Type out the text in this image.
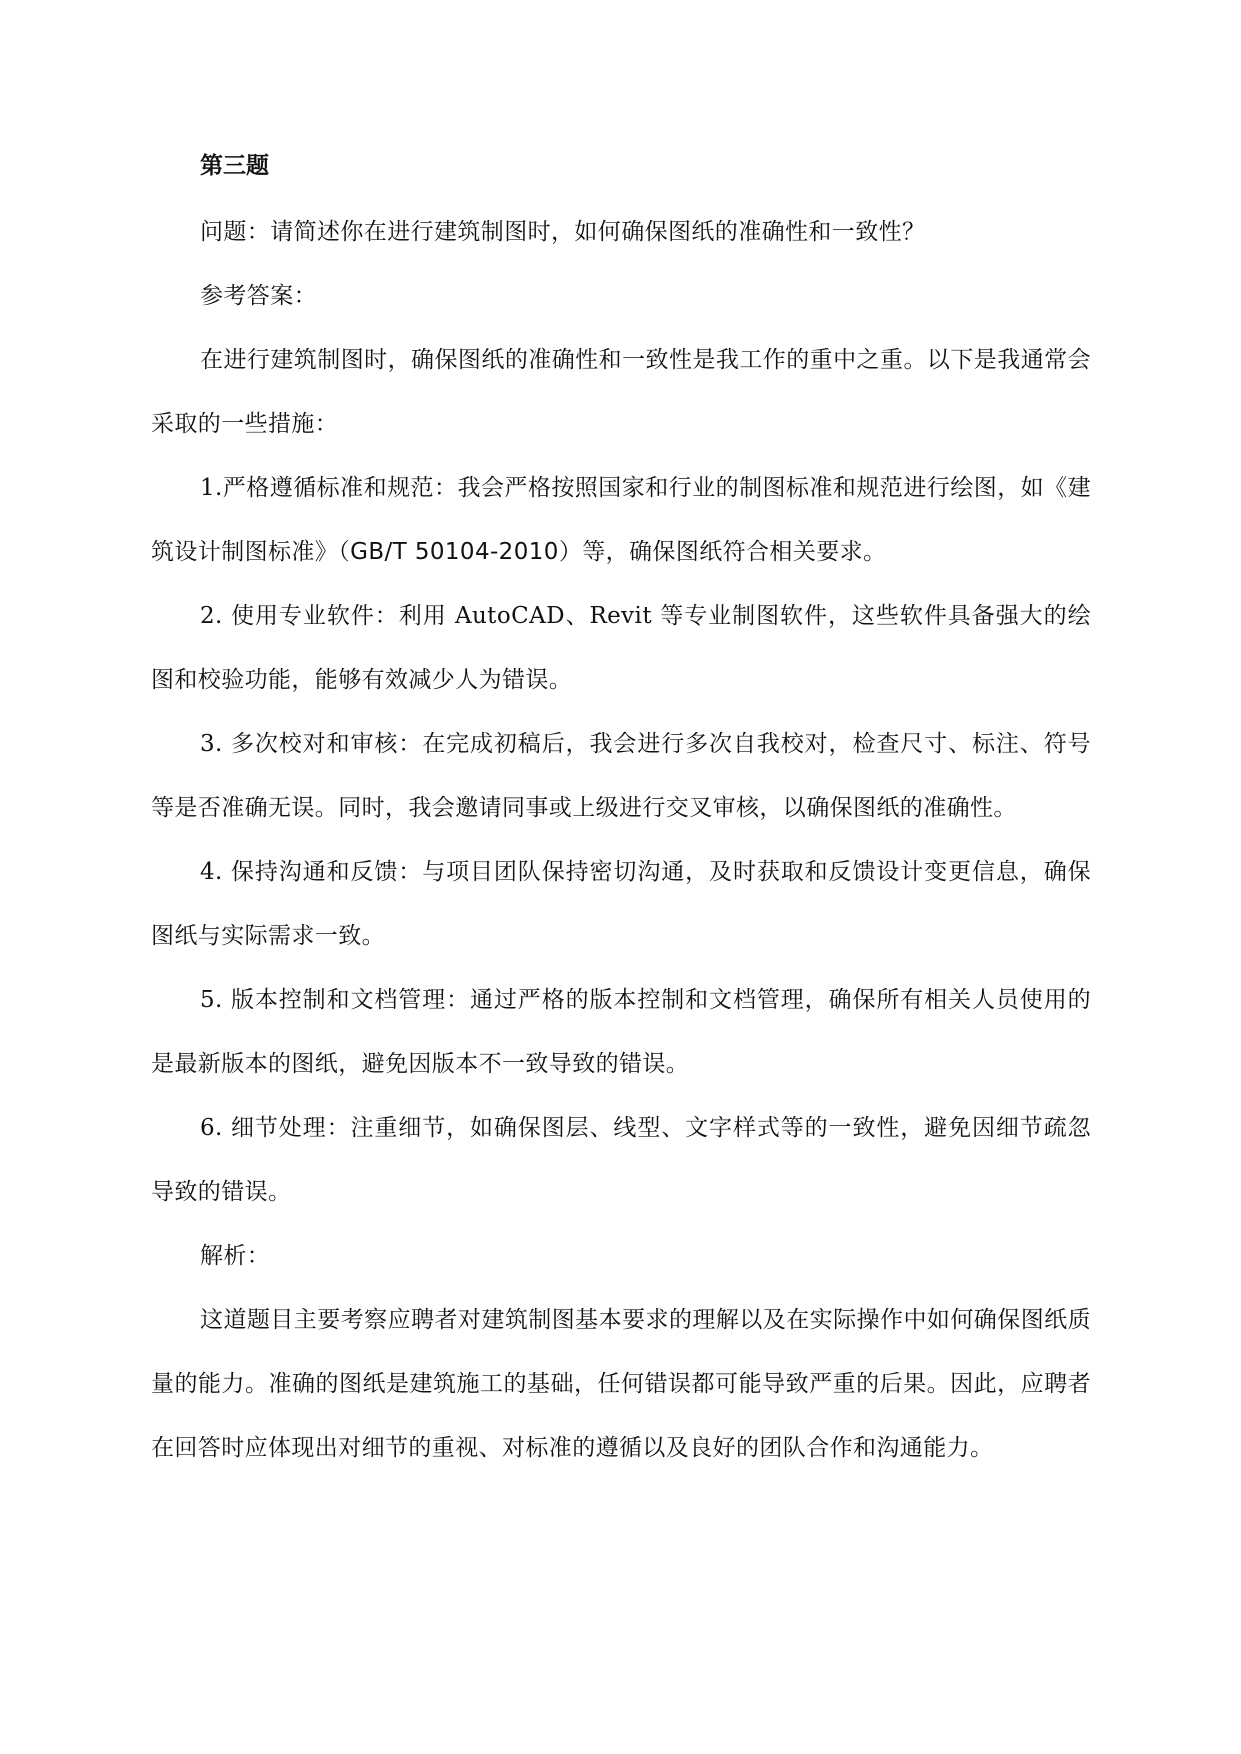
第三题

问题：请简述你在进行建筑制图时，如何确保图纸的准确性和一致性？

参考答案：

在进行建筑制图时，确保图纸的准确性和一致性是我工作的重中之重。以下是我通常会采取的一些措施：

1.严格遵循标准和规范：我会严格按照国家和行业的制图标准和规范进行绘图，如《建筑设计制图标准》（GB/T 50104-2010）等，确保图纸符合相关要求。

2. 使用专业软件：利用 AutoCAD、Revit 等专业制图软件，这些软件具备强大的绘图和校验功能，能够有效减少人为错误。

3. 多次校对和审核：在完成初稿后，我会进行多次自我校对，检查尺寸、标注、符号等是否准确无误。同时，我会邀请同事或上级进行交叉审核，以确保图纸的准确性。

4. 保持沟通和反馈：与项目团队保持密切沟通，及时获取和反馈设计变更信息，确保图纸与实际需求一致。

5. 版本控制和文档管理：通过严格的版本控制和文档管理，确保所有相关人员使用的是最新版本的图纸，避免因版本不一致导致的错误。

6. 细节处理：注重细节，如确保图层、线型、文字样式等的一致性，避免因细节疏忽导致的错误。

解析：

这道题目主要考察应聘者对建筑制图基本要求的理解以及在实际操作中如何确保图纸质量的能力。准确的图纸是建筑施工的基础，任何错误都可能导致严重的后果。因此，应聘者在回答时应体现出对细节的重视、对标准的遵循以及良好的团队合作和沟通能力。
